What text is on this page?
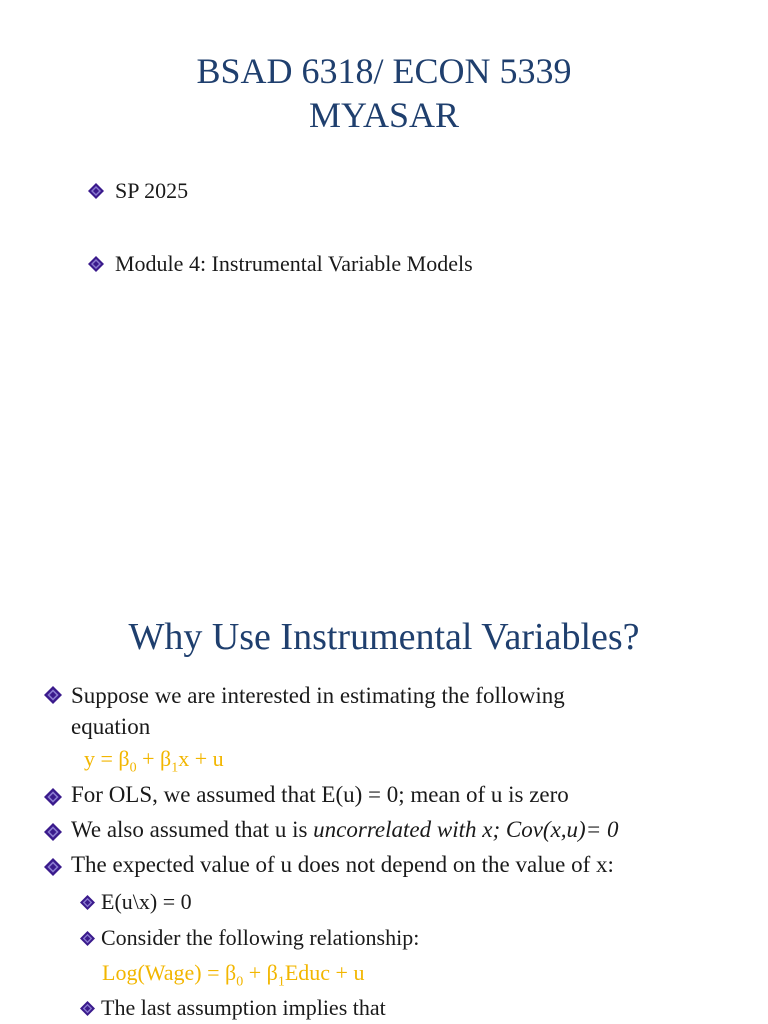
BSAD 6318/ ECON 5339
MYASAR
SP 2025
Module 4: Instrumental Variable Models
Why Use Instrumental Variables?
Suppose we are interested in estimating the following
equation
$y = \beta_0 + \beta_1x + u$
For OLS, we assumed that E(u) = 0; mean of u is zero
We also assumed that u is uncorrelated with x; Cov(x,u)= 0
The expected value of u does not depend on the value of x:
E(u\x) = 0
Consider the following relationship:
Log(Wage) = $\beta_0$ + $\beta_1Educ + u$
The last assumption implies that
